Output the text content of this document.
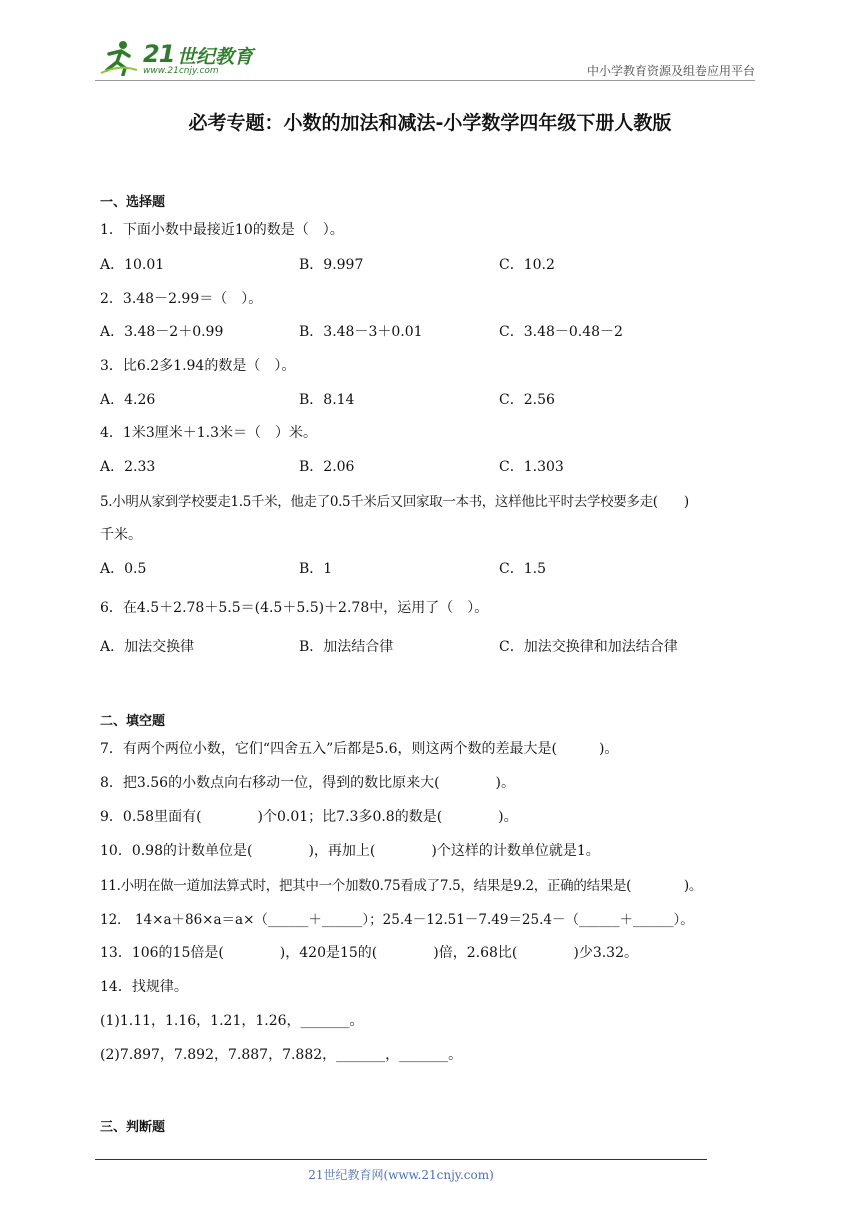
21 世纪教育
www.21cnjy.com	中小学教育资源及组卷应用平台
必考专题：小数的加法和减法-小学数学四年级下册人教版
一、选择题
1．下面小数中最接近10的数是（　）。
A．10.01	B．9.997	C．10.2
2．3.48－2.99＝（　）。
A．3.48－2＋0.99	B．3.48－3＋0.01	C．3.48－0.48－2
3．比6.2多1.94的数是（　）。
A．4.26	B．8.14	C．2.56
4．1米3厘米＋1.3米＝（　）米。
A．2.33	B．2.06	C．1.303
5.小明从家到学校要走1.5千米，他走了0.5千米后又回家取一本书，这样他比平时去学校要多走(　　)
千米。
A．0.5	B．1	C．1.5
6．在4.5＋2.78＋5.5＝(4.5＋5.5)＋2.78中，运用了（　）。
A．加法交换律	B．加法结合律	C．加法交换律和加法结合律
二、填空题
7．有两个两位小数，它们“四舍五入”后都是5.6，则这两个数的差最大是(　　　)。
8．把3.56的小数点向右移动一位，得到的数比原来大(　　　　)。
9．0.58里面有(　　　　)个0.01；比7.3多0.8的数是(　　　　)。
10．0.98的计数单位是(　　　　)，再加上(　　　　)个这样的计数单位就是1。
11.小明在做一道加法算式时，把其中一个加数0.75看成了7.5，结果是9.2，正确的结果是(　　　　)。
12． 14×a＋86×a＝a×（______＋______）；25.4－12.51－7.49＝25.4－（______＋______）。
13．106的15倍是(　　　　)，420是15的(　　　　)倍，2.68比(　　　　)少3.32。
14．找规律。
(1)1.11，1.16，1.21，1.26，_______。
(2)7.897，7.892，7.887，7.882，_______，_______。
三、判断题
21世纪教育网(www.21cnjy.com)
